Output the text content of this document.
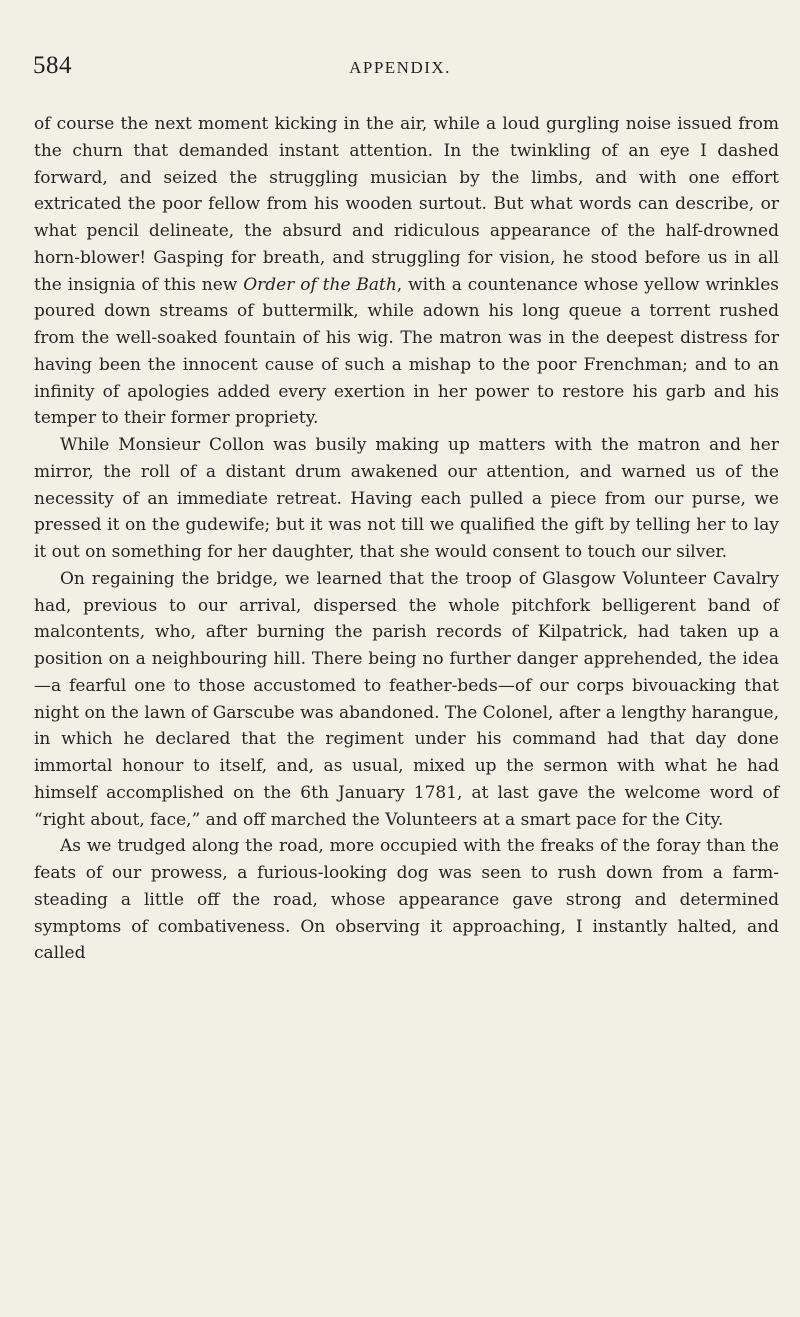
584	APPENDIX.

of course the next moment kicking in the air, while a loud gurgling noise issued from the churn that demanded instant attention. In the twinkling of an eye I dashed forward, and seized the struggling musician by the limbs, and with one effort extricated the poor fellow from his wooden surtout. But what words can describe, or what pencil delineate, the absurd and ridiculous appearance of the half-drowned horn-blower! Gasping for breath, and struggling for vision, he stood before us in all the insignia of this new Order of the Bath, with a countenance whose yellow wrinkles poured down streams of buttermilk, while adown his long queue a torrent rushed from the well-soaked fountain of his wig. The matron was in the deepest distress for having been the innocent cause of such a mishap to the poor Frenchman; and to an infinity of apologies added every exertion in her power to restore his garb and his temper to their former propriety.

While Monsieur Collon was busily making up matters with the matron and her mirror, the roll of a distant drum awakened our attention, and warned us of the necessity of an immediate retreat. Having each pulled a piece from our purse, we pressed it on the gudewife; but it was not till we qualified the gift by telling her to lay it out on something for her daughter, that she would consent to touch our silver.

On regaining the bridge, we learned that the troop of Glasgow Volunteer Cavalry had, previous to our arrival, dispersed the whole pitchfork belligerent band of malcontents, who, after burning the parish records of Kilpatrick, had taken up a position on a neighbouring hill. There being no further danger apprehended, the idea—a fearful one to those accustomed to feather-beds—of our corps bivouacking that night on the lawn of Garscube was abandoned. The Colonel, after a lengthy harangue, in which he declared that the regiment under his command had that day done immortal honour to itself, and, as usual, mixed up the sermon with what he had himself accomplished on the 6th January 1781, at last gave the welcome word of “right about, face,” and off marched the Volunteers at a smart pace for the City.

As we trudged along the road, more occupied with the freaks of the foray than the feats of our prowess, a furious-looking dog was seen to rush down from a farm-steading a little off the road, whose appearance gave strong and determined symptoms of combativeness. On observing it approaching, I instantly halted, and called
